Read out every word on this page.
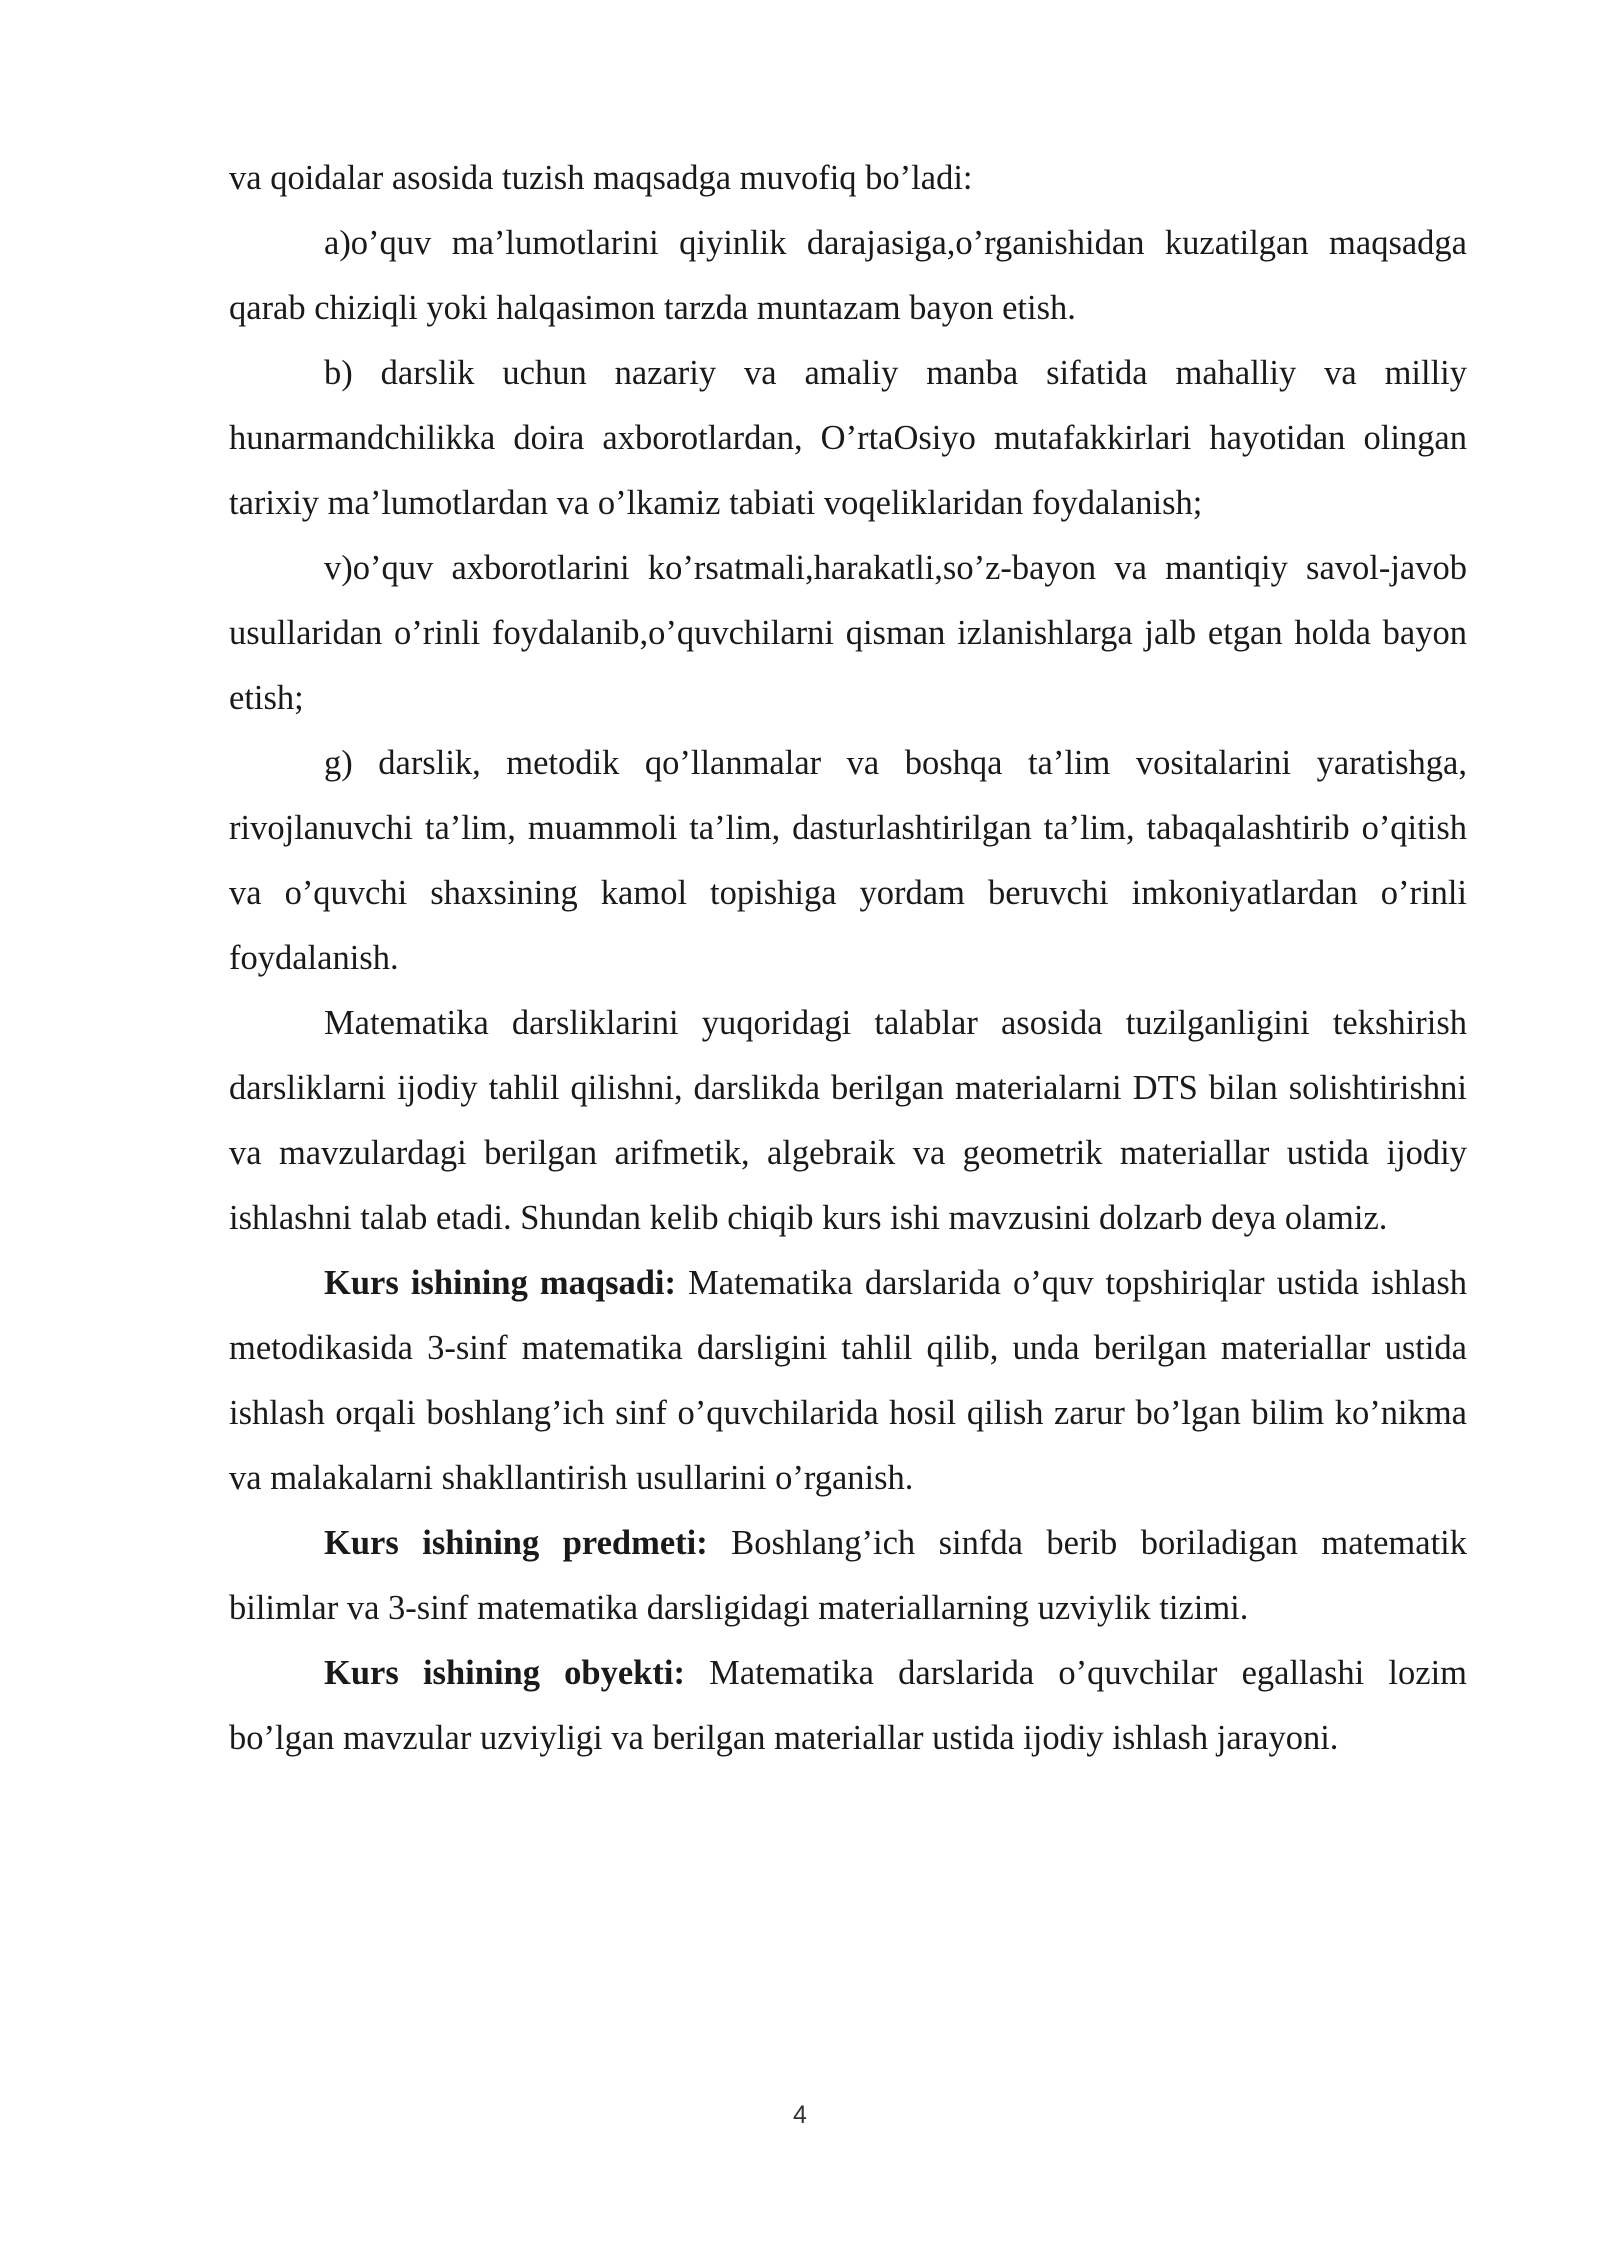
va qoidalar asosida tuzish maqsadga muvofiq bo’ladi:

a)o’quv ma’lumotlarini qiyinlik darajasiga,o’rganishidan kuzatilgan maqsadga qarab chiziqli yoki halqasimon tarzda muntazam bayon etish.

b) darslik uchun nazariy va amaliy manba sifatida mahalliy va milliy hunarmandchilikka doira axborotlardan, O’rtaOsiyo mutafakkirlari hayotidan olingan tarixiy ma’lumotlardan va o’lkamiz tabiati voqeliklaridan foydalanish;

v)o’quv axborotlarini ko’rsatmali,harakatli,so’z-bayon va mantiqiy savol-javob usullaridan o’rinli foydalanib,o’quvchilarni qisman izlanishlarga jalb etgan holda bayon etish;

g) darslik, metodik qo’llanmalar va boshqa ta’lim vositalarini yaratishga, rivojlanuvchi ta’lim, muammoli ta’lim, dasturlashtirilgan ta’lim, tabaqalashtirib o’qitish va o’quvchi shaxsining kamol topishiga yordam beruvchi imkoniyatlardan o’rinli foydalanish.

Matematika darsliklarini yuqoridagi talablar asosida tuzilganligini tekshirish darsliklarni ijodiy tahlil qilishni, darslikda berilgan materialarni DTS bilan solishtirishni va mavzulardagi berilgan arifmetik, algebraik va geometrik materiallar ustida ijodiy ishlashni talab etadi. Shundan kelib chiqib kurs ishi mavzusini dolzarb deya olamiz.

Kurs ishining maqsadi: Matematika darslarida o’quv topshiriqlar ustida ishlash metodikasida 3-sinf matematika darsligini tahlil qilib, unda berilgan materiallar ustida ishlash orqali boshlang’ich sinf o’quvchilarida hosil qilish zarur bo’lgan bilim ko’nikma va malakalarni shakllantirish usullarini o’rganish.

Kurs ishining predmeti: Boshlang’ich sinfda berib boriladigan matematik bilimlar va 3-sinf matematika darsligidagi materiallarning uzviylik tizimi.

Kurs ishining obyekti: Matematika darslarida o’quvchilar egallashi lozim bo’lgan mavzular uzviyligi va berilgan materiallar ustida ijodiy ishlash jarayoni.

4
